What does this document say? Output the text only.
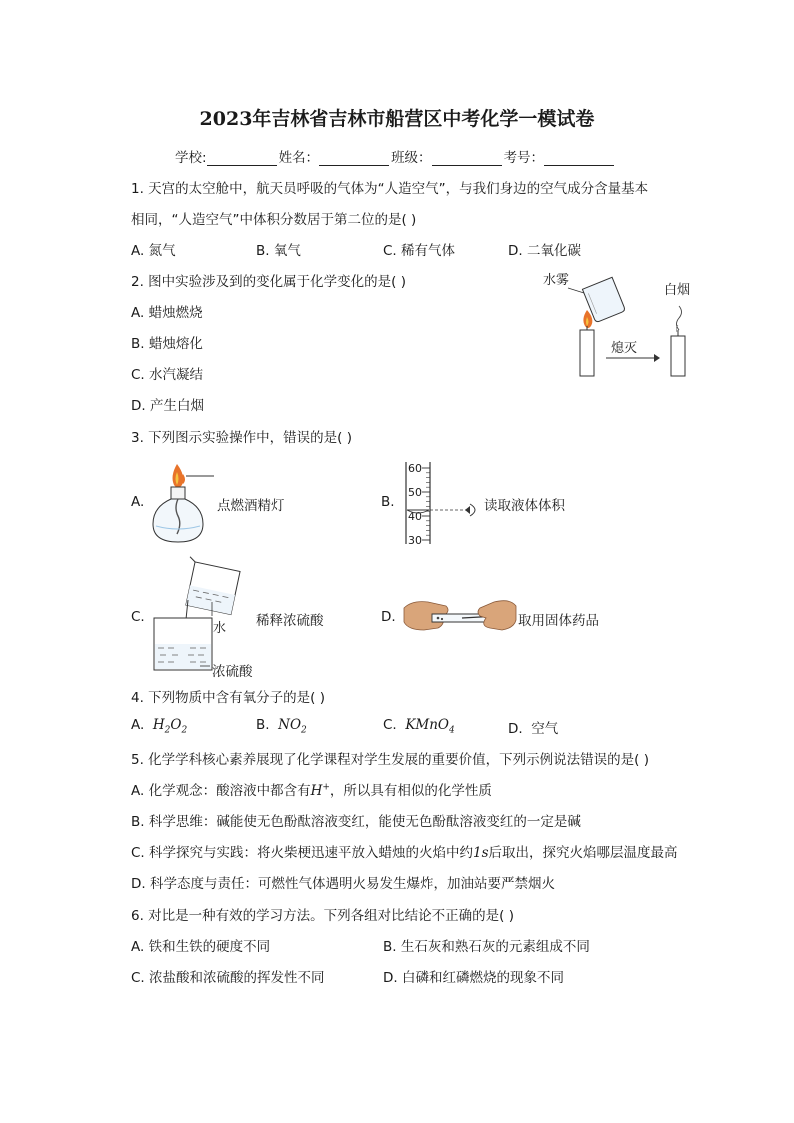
2023年吉林省吉林市船营区中考化学一模试卷
学校:	姓名：	班级：	考号：
1. 天宫的太空舱中，航天员呼吸的气体为“人造空气”，与我们身边的空气成分含量基本
相同，“人造空气”中体积分数居于第二位的是( )
A. 氮气	B. 氧气	C. 稀有气体	D. 二氧化碳
2. 图中实验涉及到的变化属于化学变化的是( )
A. 蜡烛燃烧
B. 蜡烛熔化
C. 水汽凝结
D. 产生白烟
水雾
熄灭
白烟
3. 下列图示实验操作中，错误的是( )
A.	点燃酒精灯	B.
60
50
40
30
读取液体体积
C.
水 稀释浓硫酸
浓硫酸
D.	取用固体药品
4. 下列物质中含有氧分子的是( )
A. $H_2O_2$	B. $NO_2$	C. KMnO$_4$	D. 空气
5. 化学学科核心素养展现了化学课程对学生发展的重要价值，下列示例说法错误的是( )
A. 化学观念：酸溶液中都含有H+，所以具有相似的化学性质
B. 科学思维：碱能使无色酚酞溶液变红，能使无色酚酞溶液变红的一定是碱
C. 科学探究与实践：将火柴梗迅速平放入蜡烛的火焰中约1s后取出，探究火焰哪层温度最高
D. 科学态度与责任：可燃性气体遇明火易发生爆炸，加油站要严禁烟火
6. 对比是一种有效的学习方法。下列各组对比结论不正确的是( )
A. 铁和生铁的硬度不同	B. 生石灰和熟石灰的元素组成不同
C. 浓盐酸和浓硫酸的挥发性不同	D. 白磷和红磷燃烧的现象不同
